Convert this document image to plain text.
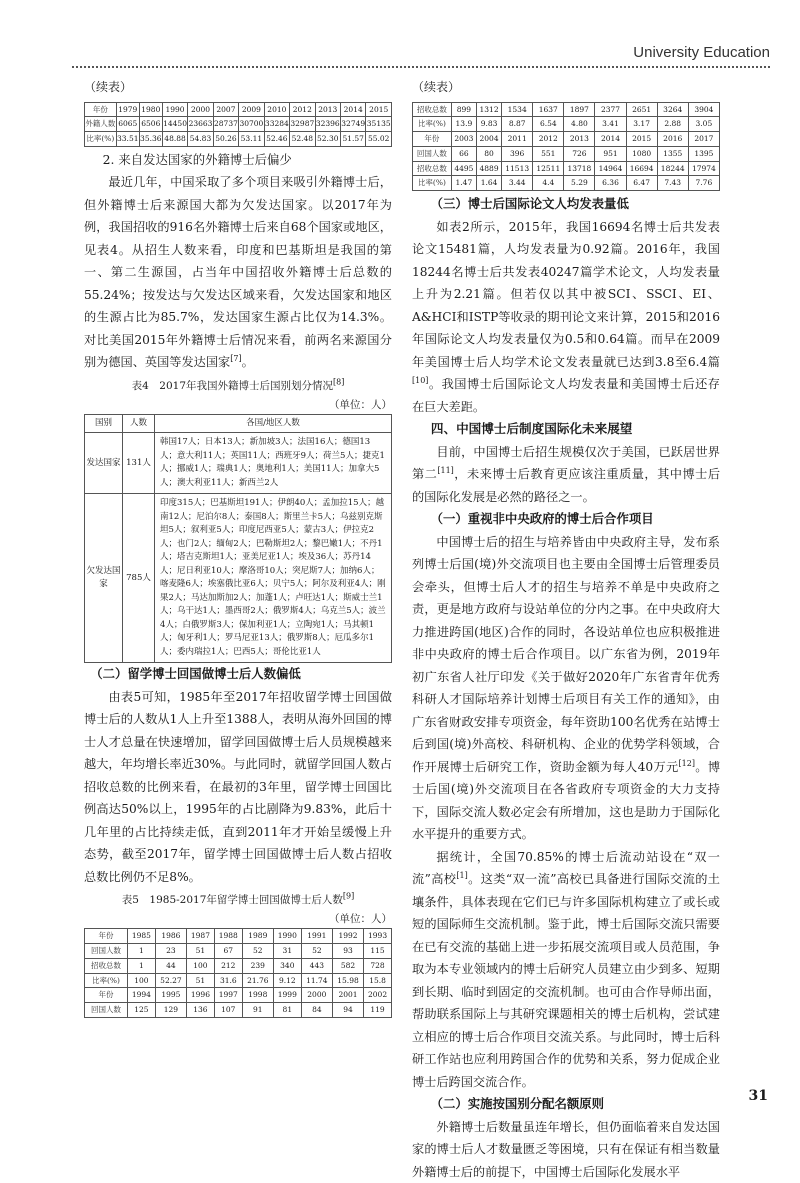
University Education
（续表）
年份	1979	1980	1990	2000	2007	2009	2010	2012	2013	2014	2015
外籍人数	6065	6506	14450	23663	28737	30700	33284	32987	32396	32749	35135
比率(%)	33.51	35.36	48.88	54.83	50.26	53.11	52.46	52.48	52.30	51.57	55.02
2. 来自发达国家的外籍博士后偏少

最近几年，中国采取了多个项目来吸引外籍博士后，但外籍博士后来源国大都为欠发达国家。以2017年为例，我国招收的916名外籍博士后来自68个国家或地区，见表4。从招生人数来看，印度和巴基斯坦是我国的第一、第二生源国，占当年中国招收外籍博士后总数的55.24%；按发达与欠发达区域来看，欠发达国家和地区的生源占比为85.7%，发达国家生源占比仅为14.3%。对比美国2015年外籍博士后情况来看，前两名来源国分别为德国、英国等发达国家[7]。

表4　2017年我国外籍博士后国别划分情况[8]
（单位：人）
国别	人数	各国/地区人数
发达国家	131人	韩国17人；日本13人；新加坡3人；法国16人；德国13人；意大利11人；英国11人；西班牙9人；荷兰5人；捷克1人；挪威1人；瑞典1人；奥地利1人；美国11人；加拿大5人；澳大利亚11人；新西兰2人
欠发达国家	785人	印度315人；巴基斯坦191人；伊朗40人；孟加拉15人；越南12人；尼泊尔8人；泰国8人；斯里兰卡5人；乌兹别克斯坦5人；叙利亚5人；印度尼西亚5人；蒙古3人；伊拉克2人；也门2人；缅甸2人；巴勒斯坦2人；黎巴嫩1人；不丹1人；塔吉克斯坦1人；亚美尼亚1人；埃及36人；苏丹14人；尼日利亚10人；摩洛哥10人；突尼斯7人；加纳6人；喀麦隆6人；埃塞俄比亚6人；贝宁5人；阿尔及利亚4人；刚果2人；马达加斯加2人；加蓬1人；卢旺达1人；斯威士兰1人；乌干达1人；墨西哥2人；俄罗斯4人；乌克兰5人；波兰4人；白俄罗斯3人；保加利亚1人；立陶宛1人；马其顿1人；匈牙利1人；罗马尼亚13人；俄罗斯8人；厄瓜多尔1人；委内瑞拉1人；巴西5人；哥伦比亚1人
（二）留学博士回国做博士后人数偏低

由表5可知，1985年至2017年招收留学博士回国做博士后的人数从1人上升至1388人，表明从海外回国的博士人才总量在快速增加，留学回国做博士后人员规模越来越大，年均增长率近30%。与此同时，就留学回国人数占招收总数的比例来看，在最初的3年里，留学博士回国比例高达50%以上，1995年的占比剧降为9.83%，此后十几年里的占比持续走低，直到2011年才开始呈缓慢上升态势，截至2017年，留学博士回国做博士后人数占招收总数比例仍不足8%。

表5　1985-2017年留学博士回国做博士后人数[9]
（单位：人）
年份	1985	1986	1987	1988	1989	1990	1991	1992	1993
回国人数	1	23	51	67	52	31	52	93	115
招收总数	1	44	100	212	239	340	443	582	728
比率(%)	100	52.27	51	31.6	21.76	9.12	11.74	15.98	15.8
年份	1994	1995	1996	1997	1998	1999	2000	2001	2002
回国人数	125	129	136	107	91	81	84	94	119
（续表）
招收总数	899	1312	1534	1637	1897	2377	2651	3264	3904
比率(%)	13.9	9.83	8.87	6.54	4.80	3.41	3.17	2.88	3.05
年份	2003	2004	2011	2012	2013	2014	2015	2016	2017
回国人数	66	80	396	551	726	951	1080	1355	1395
招收总数	4495	4889	11513	12511	13718	14964	16694	18244	17974
比率(%)	1.47	1.64	3.44	4.4	5.29	6.36	6.47	7.43	7.76
（三）博士后国际论文人均发表量低

如表2所示，2015年，我国16694名博士后共发表论文15481篇，人均发表量为0.92篇。2016年，我国18244名博士后共发表40247篇学术论文，人均发表量上升为2.21篇。但若仅以其中被SCI、SSCI、EI、A&HCI和ISTP等收录的期刊论文来计算，2015和2016年国际论文人均发表量仅为0.5和0.64篇。而早在2009年美国博士后人均学术论文发表量就已达到3.8至6.4篇[10]。我国博士后国际论文人均发表量和美国博士后还存在巨大差距。

四、中国博士后制度国际化未来展望

目前，中国博士后招生规模仅次于美国，已跃居世界第二[11]，未来博士后教育更应该注重质量，其中博士后的国际化发展是必然的路径之一。

（一）重视非中央政府的博士后合作项目

中国博士后的招生与培养皆由中央政府主导，发布系列博士后国(境)外交流项目也主要由全国博士后管理委员会牵头，但博士后人才的招生与培养不单是中央政府之责，更是地方政府与设站单位的分内之事。在中央政府大力推进跨国(地区)合作的同时，各设站单位也应积极推进非中央政府的博士后合作项目。以广东省为例，2019年初广东省人社厅印发《关于做好2020年广东省青年优秀科研人才国际培养计划博士后项目有关工作的通知》，由广东省财政安排专项资金，每年资助100名优秀在站博士后到国(境)外高校、科研机构、企业的优势学科领域，合作开展博士后研究工作，资助金额为每人40万元[12]。博士后国(境)外交流项目在各省政府专项资金的大力支持下，国际交流人数必定会有所增加，这也是助力于国际化水平提升的重要方式。

据统计，全国70.85%的博士后流动站设在“双一流”高校[1]。这类“双一流”高校已具备进行国际交流的土壤条件，具体表现在它们已与许多国际机构建立了或长或短的国际师生交流机制。鉴于此，博士后国际交流只需要在已有交流的基础上进一步拓展交流项目或人员范围，争取为本专业领域内的博士后研究人员建立由少到多、短期到长期、临时到固定的交流机制。也可由合作导师出面，帮助联系国际上与其研究课题相关的博士后机构，尝试建立相应的博士后合作项目交流关系。与此同时，博士后科研工作站也应利用跨国合作的优势和关系，努力促成企业博士后跨国交流合作。

（二）实施按国别分配名额原则

外籍博士后数量虽连年增长，但仍面临着来自发达国家的博士后人才数量匮乏等困境，只有在保证有相当数量外籍博士后的前提下，中国博士后国际化发展水平

31
